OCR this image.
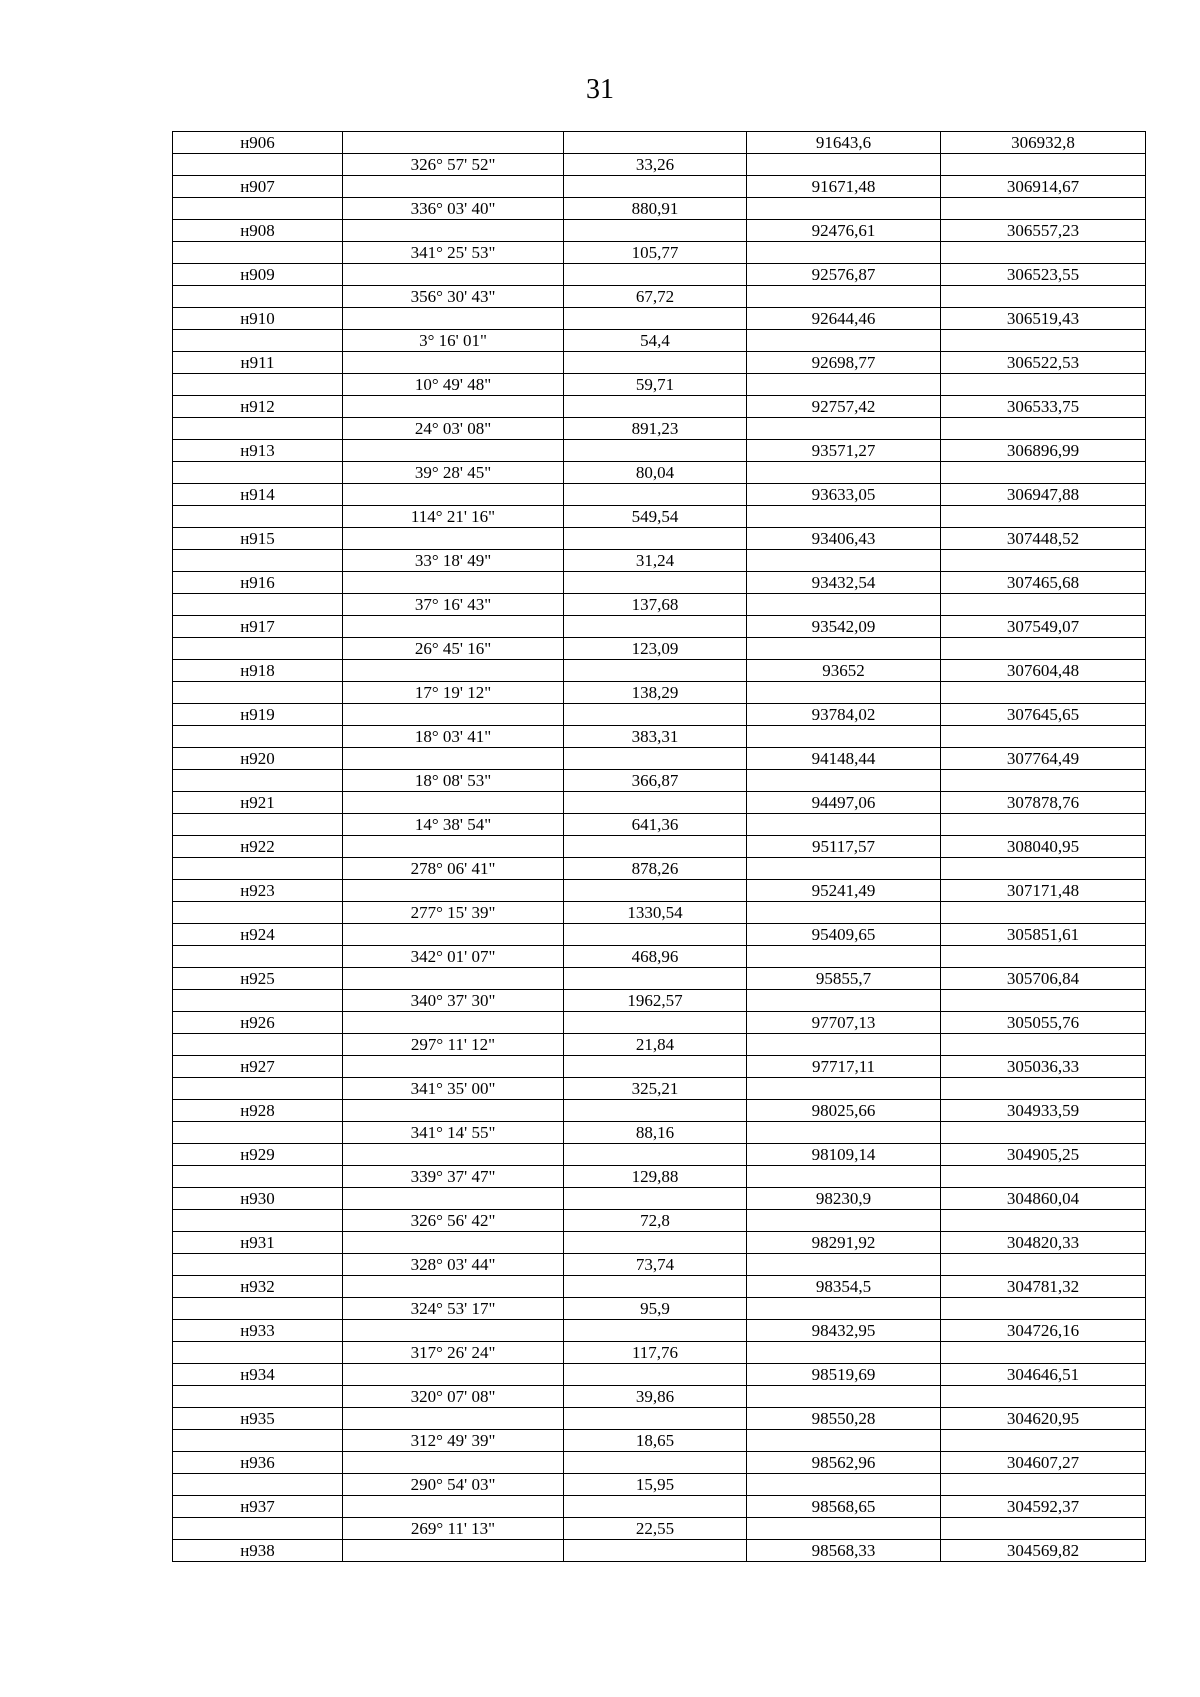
31
н906			91643,6	306932,8
	326° 57' 52"	33,26		
н907			91671,48	306914,67
	336° 03' 40"	880,91		
н908			92476,61	306557,23
	341° 25' 53"	105,77		
н909			92576,87	306523,55
	356° 30' 43"	67,72		
н910			92644,46	306519,43
	3° 16' 01"	54,4		
н911			92698,77	306522,53
	10° 49' 48"	59,71		
н912			92757,42	306533,75
	24° 03' 08"	891,23		
н913			93571,27	306896,99
	39° 28' 45"	80,04		
н914			93633,05	306947,88
	114° 21' 16"	549,54		
н915			93406,43	307448,52
	33° 18' 49"	31,24		
н916			93432,54	307465,68
	37° 16' 43"	137,68		
н917			93542,09	307549,07
	26° 45' 16"	123,09		
н918			93652	307604,48
	17° 19' 12"	138,29		
н919			93784,02	307645,65
	18° 03' 41"	383,31		
н920			94148,44	307764,49
	18° 08' 53"	366,87		
н921			94497,06	307878,76
	14° 38' 54"	641,36		
н922			95117,57	308040,95
	278° 06' 41"	878,26		
н923			95241,49	307171,48
	277° 15' 39"	1330,54		
н924			95409,65	305851,61
	342° 01' 07"	468,96		
н925			95855,7	305706,84
	340° 37' 30"	1962,57		
н926			97707,13	305055,76
	297° 11' 12"	21,84		
н927			97717,11	305036,33
	341° 35' 00"	325,21		
н928			98025,66	304933,59
	341° 14' 55"	88,16		
н929			98109,14	304905,25
	339° 37' 47"	129,88		
н930			98230,9	304860,04
	326° 56' 42"	72,8		
н931			98291,92	304820,33
	328° 03' 44"	73,74		
н932			98354,5	304781,32
	324° 53' 17"	95,9		
н933			98432,95	304726,16
	317° 26' 24"	117,76		
н934			98519,69	304646,51
	320° 07' 08"	39,86		
н935			98550,28	304620,95
	312° 49' 39"	18,65		
н936			98562,96	304607,27
	290° 54' 03"	15,95		
н937			98568,65	304592,37
	269° 11' 13"	22,55		
н938			98568,33	304569,82
